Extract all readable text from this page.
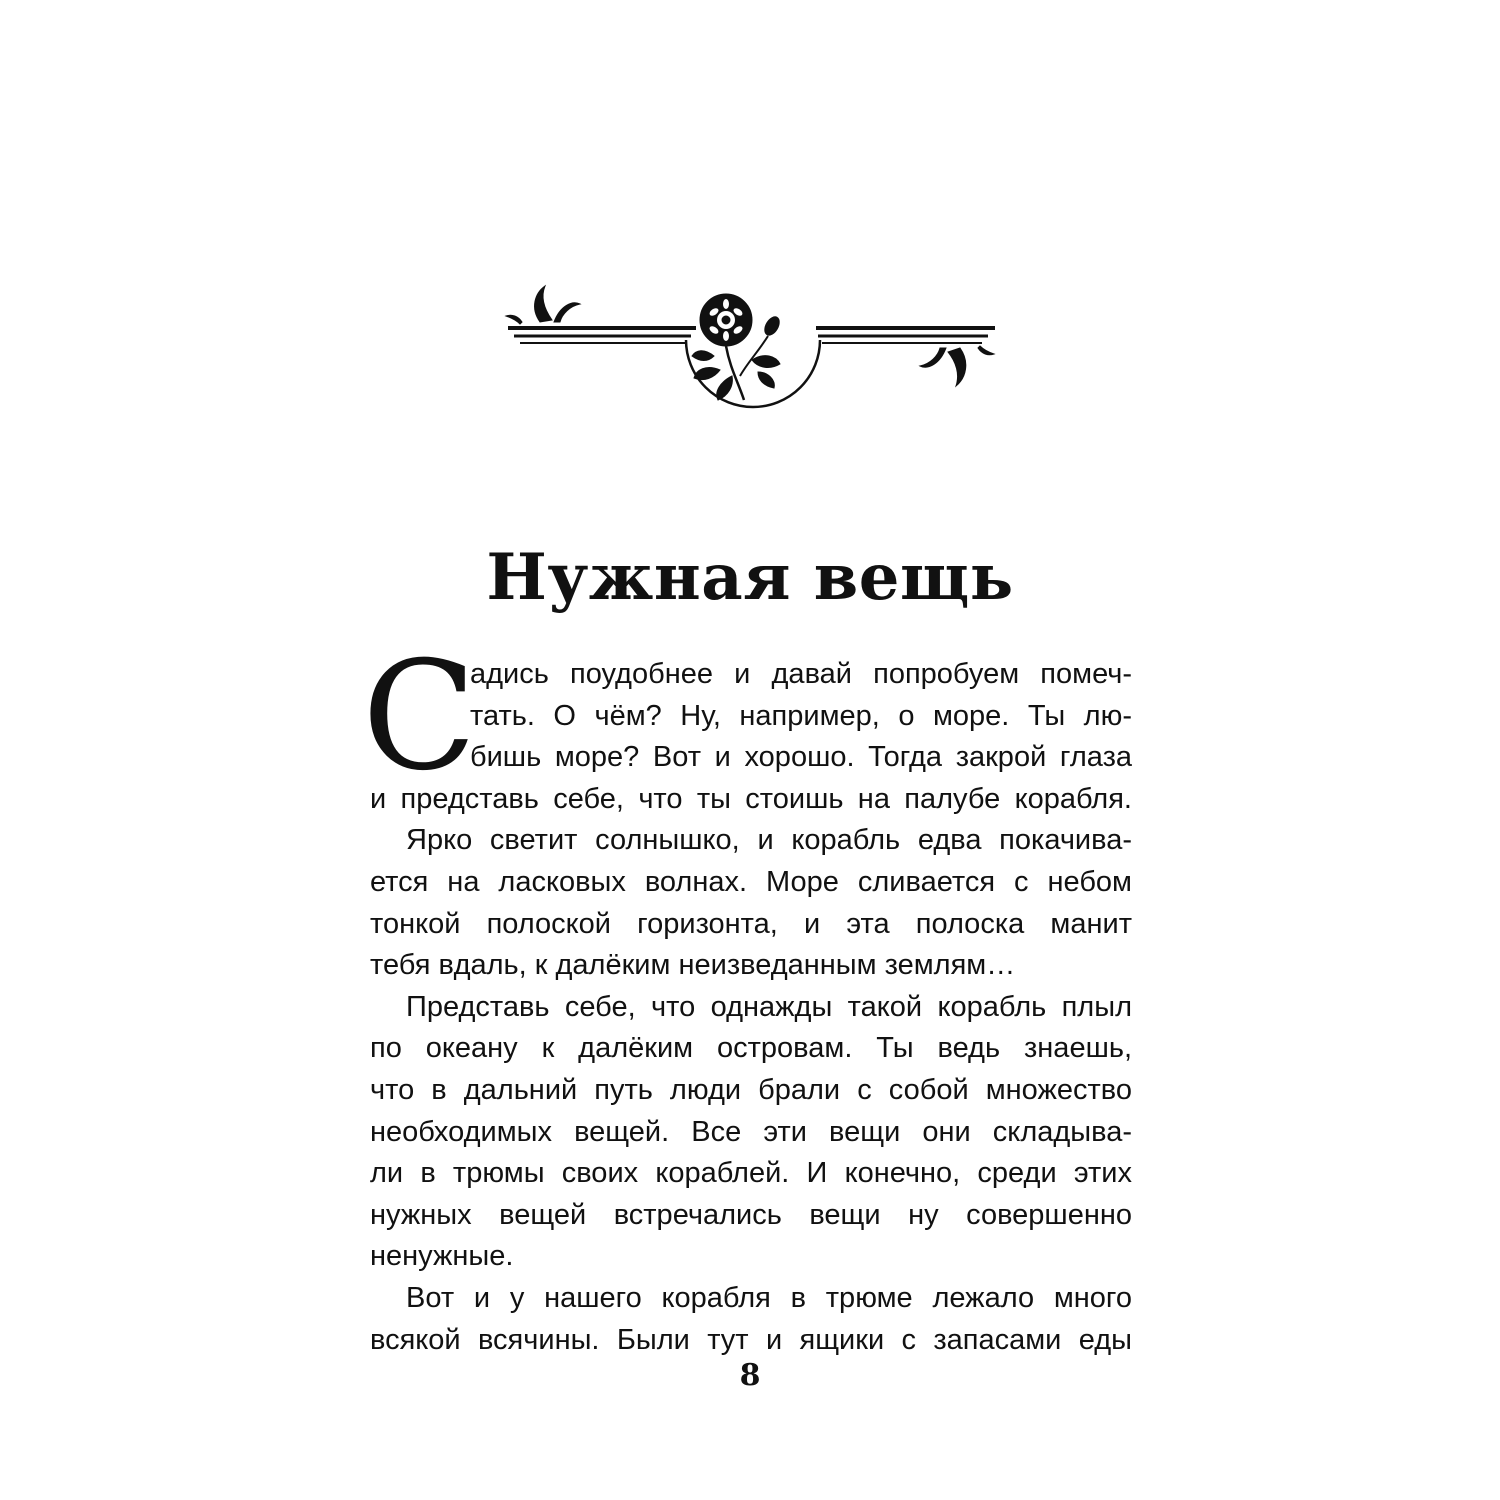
Нужная вещь
С
адись поудобнее и давай попробуем помеч-
тать. О чём? Ну, например, о море. Ты лю-
бишь море? Вот и хорошо. Тогда закрой глаза
и представь себе, что ты стоишь на палубе корабля.
Ярко светит солнышко, и корабль едва покачива-
ется на ласковых волнах. Море сливается с небом
тонкой полоской горизонта, и эта полоска манит
тебя вдаль, к далёким неизведанным землям…
Представь себе, что однажды такой корабль плыл
по океану к далёким островам. Ты ведь знаешь,
что в дальний путь люди брали с собой множество
необходимых вещей. Все эти вещи они складыва-
ли в трюмы своих кораблей. И конечно, среди этих
нужных вещей встречались вещи ну совершенно
ненужные.
Вот и у нашего корабля в трюме лежало много
всякой всячины. Были тут и ящики с запасами еды
8
